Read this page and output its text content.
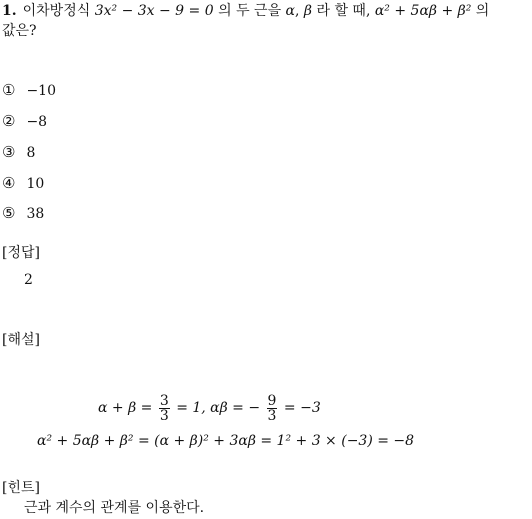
1. 이차방정식 3x² − 3x − 9 = 0 의 두 근을 α, β 라 할 때, α² + 5αβ + β² 의
값은?
① −10
② −8
③ 8
④ 10
⑤ 38
[정답]
2
[해설]
$\alpha + \beta = \frac{3}{3} = 1$, αβ = − $\frac{9}{3} = -3$
α² + 5αβ + β² = (α + β)² + 3αβ = 1² + 3 × (−3) = −8
[힌트]
근과 계수의 관계를 이용한다.
